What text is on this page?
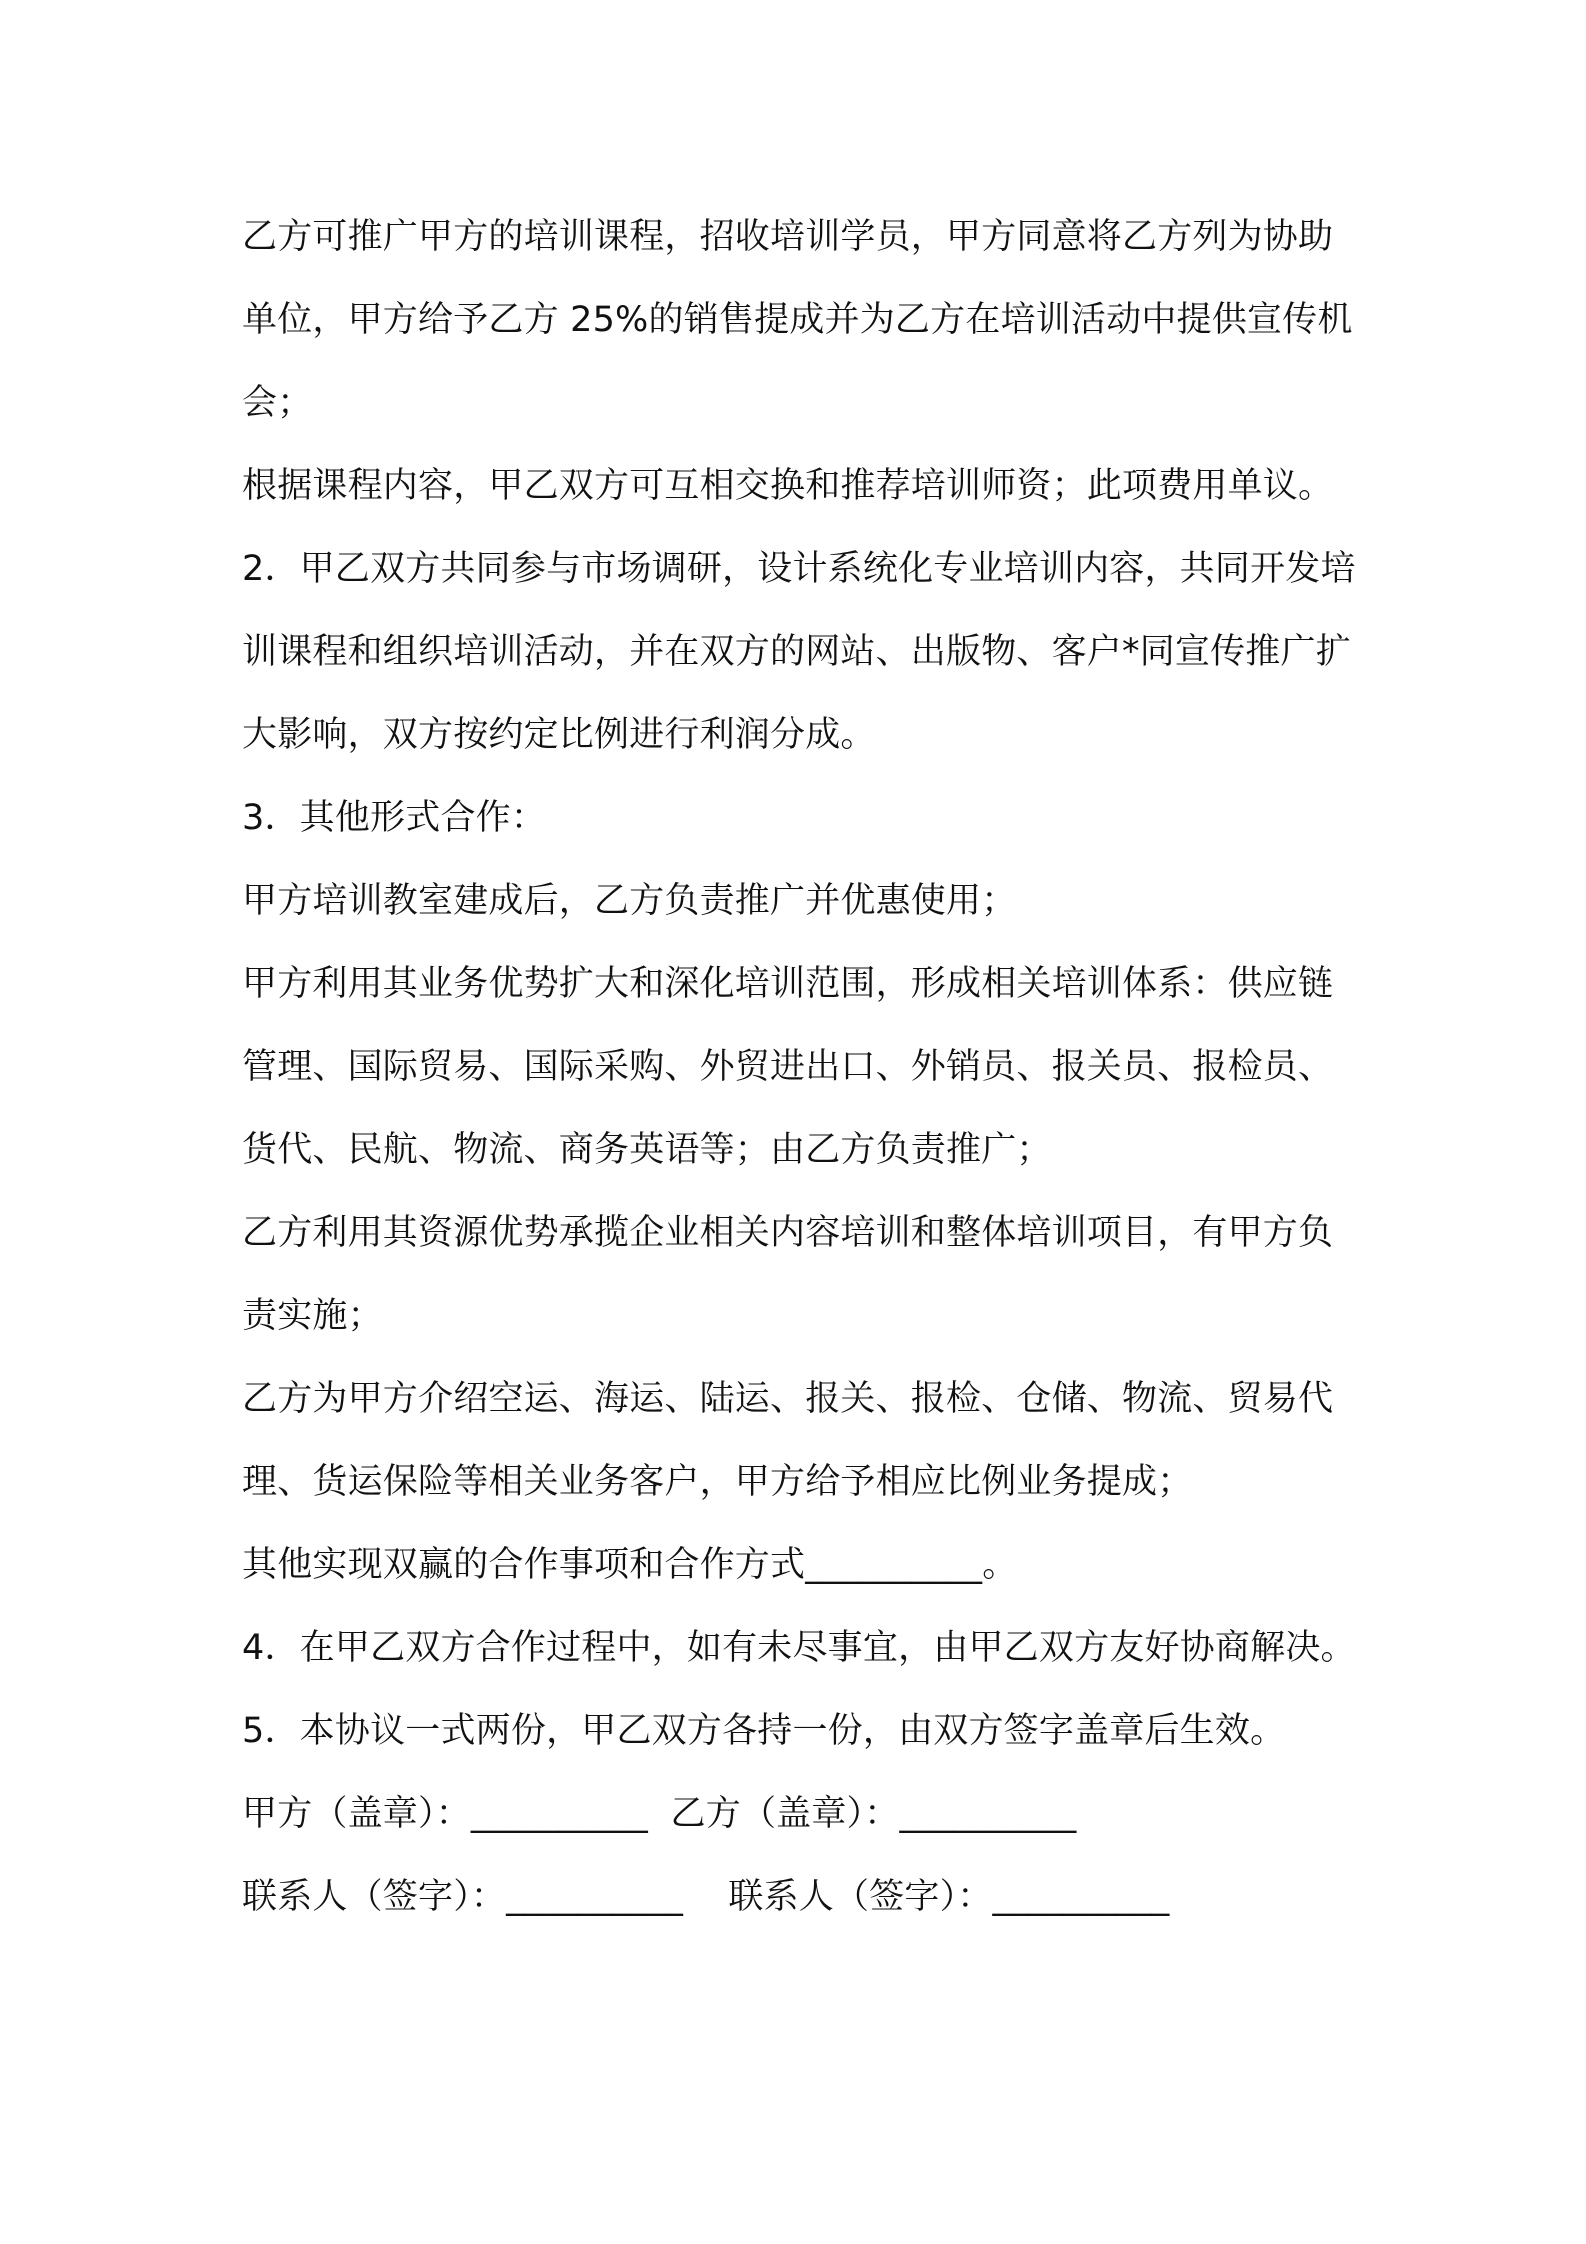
乙方可推广甲方的培训课程，招收培训学员，甲方同意将乙方列为协助单位，甲方给予乙方 25%的销售提成并为乙方在培训活动中提供宣传机会；

根据课程内容，甲乙双方可互相交换和推荐培训师资；此项费用单议。

2．甲乙双方共同参与市场调研，设计系统化专业培训内容，共同开发培训课程和组织培训活动，并在双方的网站、出版物、客户*同宣传推广扩大影响，双方按约定比例进行利润分成。

3．其他形式合作：

甲方培训教室建成后，乙方负责推广并优惠使用；

甲方利用其业务优势扩大和深化培训范围，形成相关培训体系：供应链管理、国际贸易、国际采购、外贸进出口、外销员、报关员、报检员、货代、民航、物流、商务英语等；由乙方负责推广；

乙方利用其资源优势承揽企业相关内容培训和整体培训项目，有甲方负责实施；

乙方为甲方介绍空运、海运、陆运、报关、报检、仓储、物流、贸易代理、货运保险等相关业务客户，甲方给予相应比例业务提成；

其他实现双赢的合作事项和合作方式__________。

4．在甲乙双方合作过程中，如有未尽事宜，由甲乙双方友好协商解决。

5．本协议一式两份，甲乙双方各持一份，由双方签字盖章后生效。

甲方（盖章）：__________  乙方（盖章）：__________

联系人（签字）：__________    联系人（签字）：__________
